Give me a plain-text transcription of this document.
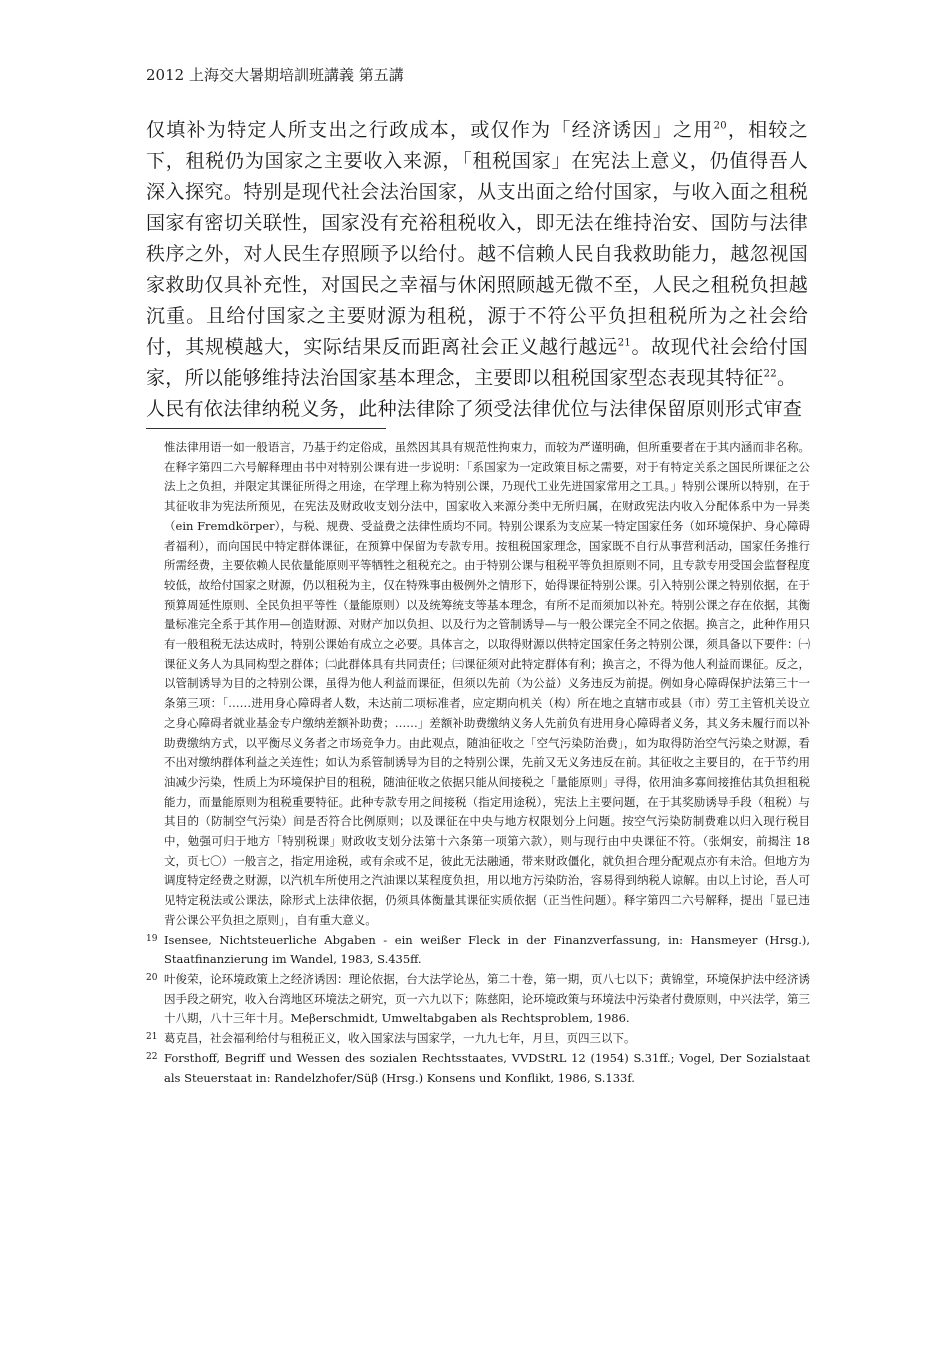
2012 上海交大暑期培訓班講義 第五講

仅填补为特定人所支出之行政成本，或仅作为「经济诱因」之用$^{20}$，相较之下，租税仍为国家之主要收入来源，「租税国家」在宪法上意义，仍值得吾人深入探究。特别是现代社会法治国家，从支出面之给付国家，与收入面之租税国家有密切关联性，国家没有充裕租税收入，即无法在维持治安、国防与法律秩序之外，对人民生存照顾予以给付。越不信赖人民自我救助能力，越忽视国家救助仅具补充性，对国民之幸福与休闲照顾越无微不至，人民之租税负担越沉重。且给付国家之主要财源为租税，源于不符公平负担租税所为之社会给付，其规模越大，实际结果反而距离社会正义越行越远$^{21}$。故现代社会给付国家，所以能够维持法治国家基本理念，主要即以租税国家型态表现其特征$^{22}$。

人民有依法律纳税义务，此种法律除了须受法律优位与法律保留原则形式审查

惟法律用语一如一般语言，乃基于约定俗成，虽然因其具有规范性拘束力，而较为严谨明确，但所重要者在于其内涵而非名称。在释字第四二六号解释理由书中对特别公课有进一步说明：「系国家为一定政策目标之需要，对于有特定关系之国民所课征之公法上之负担，并限定其课征所得之用途，在学理上称为特别公课，乃现代工业先进国家常用之工具。」特别公课所以特别，在于其征收非为宪法所预见，在宪法及财政收支划分法中，国家收入来源分类中无所归属，在财政宪法内收入分配体系中为一异类（ein Fremdkörper），与税、规费、受益费之法律性质均不同。特别公课系为支应某一特定国家任务（如环境保护、身心障碍者福利），而向国民中特定群体课征，在预算中保留为专款专用。按租税国家理念，国家既不自行从事营利活动，国家任务推行所需经费，主要依赖人民依量能原则平等牺牲之租税充之。由于特别公课与租税平等负担原则不同，且专款专用受国会监督程度较低，故给付国家之财源，仍以租税为主，仅在特殊事由极例外之情形下，始得课征特别公课。引入特别公课之特别依据，在于预算周延性原则、全民负担平等性（量能原则）以及统筹统支等基本理念，有所不足而须加以补充。特别公课之存在依据，其衡量标准完全系于其作用—创造财源、对财产加以负担、以及行为之管制诱导—与一般公课完全不同之依据。换言之，此种作用只有一般租税无法达成时，特别公课始有成立之必要。具体言之，以取得财源以供特定国家任务之特别公课，须具备以下要件：㈠课征义务人为具同构型之群体；㈡此群体具有共同责任；㈢课征须对此特定群体有利；换言之，不得为他人利益而课征。反之，以管制诱导为目的之特别公课，虽得为他人利益而课征，但须以先前（为公益）义务违反为前提。例如身心障碍保护法第三十一条第三项：「……进用身心障碍者人数，未达前二项标准者，应定期向机关（构）所在地之直辖市或县（市）劳工主管机关设立之身心障碍者就业基金专户缴纳差额补助费；……」差额补助费缴纳义务人先前负有进用身心障碍者义务，其义务未履行而以补助费缴纳方式，以平衡尽义务者之市场竞争力。由此观点，随油征收之「空气污染防治费」，如为取得防治空气污染之财源，看不出对缴纳群体利益之关连性；如认为系管制诱导为目的之特别公课，先前又无义务违反在前。其征收之主要目的，在于节约用油减少污染，性质上为环境保护目的租税，随油征收之依据只能从间接税之「量能原则」寻得，依用油多寡间接推估其负担租税能力，而量能原则为租税重要特征。此种专款专用之间接税（指定用途税），宪法上主要问题，在于其奖励诱导手段（租税）与其目的（防制空气污染）间是否符合比例原则；以及课征在中央与地方权限划分上问题。按空气污染防制费难以归入现行税目中，勉强可归于地方「特别税课」财政收支划分法第十六条第一项第六款），则与现行由中央课征不符。（张炯安，前揭注 18 文，页七〇）一般言之，指定用途税，或有余或不足，彼此无法融通，带来财政僵化，就负担合理分配观点亦有未洽。但地方为调度特定经费之财源，以汽机车所使用之汽油课以某程度负担，用以地方污染防治，容易得到纳税人谅解。由以上讨论，吾人可见特定税法或公课法，除形式上法律依据，仍须具体衡量其课征实质依据（正当性问题）。释字第四二六号解释，提出「显已违背公课公平负担之原则」，自有重大意义。

19 Isensee, Nichtsteuerliche Abgaben - ein weißer Fleck in der Finanzverfassung, in: Hansmeyer (Hrsg.), Staatfinanzierung im Wandel, 1983, S.435ff.
20 叶俊荣，论环境政策上之经济诱因：理论依据，台大法学论丛，第二十卷，第一期，页八七以下；黄锦堂，环境保护法中经济诱因手段之研究，收入台湾地区环境法之研究，页一六九以下；陈慈阳，论环境政策与环境法中污染者付费原则，中兴法学，第三十八期，八十三年十月。Meβerschmidt, Umweltabgaben als Rechtsproblem, 1986.
21 葛克昌，社会福利给付与租税正义，收入国家法与国家学，一九九七年，月旦，页四三以下。
22 Forsthoff, Begriff und Wessen des sozialen Rechtsstaates, VVDStRL 12 (1954) S.31ff.; Vogel, Der Sozialstaat als Steuerstaat in: Randelzhofer/Süβ (Hrsg.) Konsens und Konflikt, 1986, S.133f.
